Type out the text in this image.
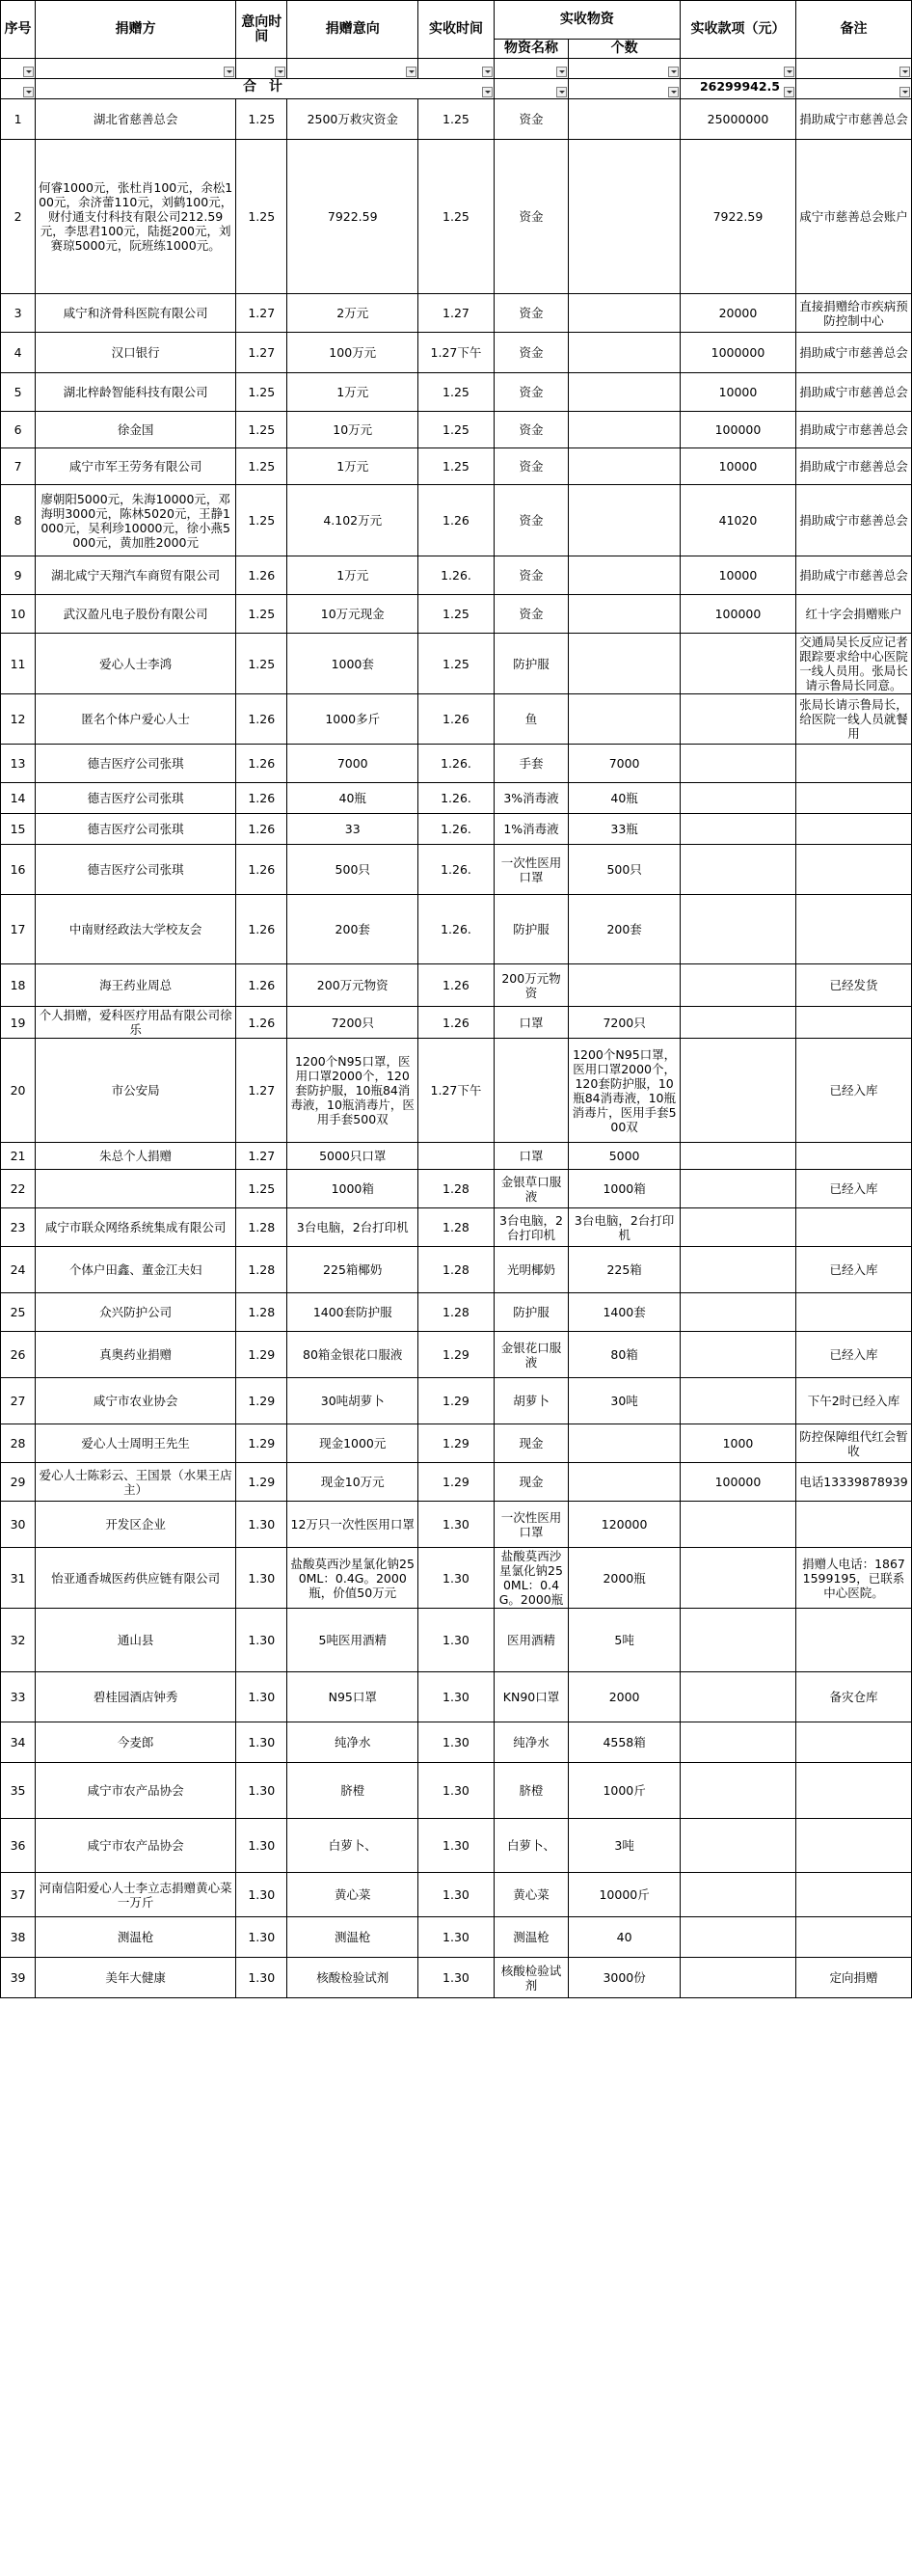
序号	捐赠方	意向时间	捐赠意向	实收时间	实收物资		实收款项（元）	备注
					物资名称	个数		

	合 计						26299942.5	

1	湖北省慈善总会	1.25	2500万救灾资金	1.25	资金		25000000	捐助咸宁市慈善总会
2	何睿1000元，张杜肖100元，余松100元，余济蕾110元，刘鹤100元，财付通支付科技有限公司212.59元，李思君100元，陆挺200元，刘赛琼5000元，阮班练1000元。	1.25	7922.59	1.25	资金		7922.59	咸宁市慈善总会账户
3	咸宁和济骨科医院有限公司	1.27	2万元	1.27	资金		20000	直接捐赠给市疾病预防控制中心
4	汉口银行	1.27	100万元	1.27下午	资金		1000000	捐助咸宁市慈善总会
5	湖北梓龄智能科技有限公司	1.25	1万元	1.25	资金		10000	捐助咸宁市慈善总会
6	徐金国	1.25	10万元	1.25	资金		100000	捐助咸宁市慈善总会
7	咸宁市军王劳务有限公司	1.25	1万元	1.25	资金		10000	捐助咸宁市慈善总会
8	廖朝阳5000元，朱海10000元，邓海明3000元，陈林5020元，王静1000元，吴利珍10000元，徐小燕5000元，黄加胜2000元	1.25	4.102万元	1.26	资金		41020	捐助咸宁市慈善总会
9	湖北咸宁天翔汽车商贸有限公司	1.26	1万元	1.26.	资金		10000	捐助咸宁市慈善总会
10	武汉盈凡电子股份有限公司	1.25	10万元现金	1.25	资金		100000	红十字会捐赠账户
11	爱心人士李鸿	1.25	1000套	1.25	防护服			交通局吴长反应记者跟踪要求给中心医院一线人员用。张局长请示鲁局长同意。
12	匿名个体户爱心人士	1.26	1000多斤	1.26	鱼			张局长请示鲁局长，给医院一线人员就餐用
13	德吉医疗公司张琪	1.26	7000	1.26.	手套	7000		
14	德吉医疗公司张琪	1.26	40瓶	1.26.	3%消毒液	40瓶		
15	德吉医疗公司张琪	1.26	33	1.26.	1%消毒液	33瓶		
16	德吉医疗公司张琪	1.26	500只	1.26.	一次性医用口罩	500只		
17	中南财经政法大学校友会	1.26	200套	1.26.	防护服	200套		
18	海王药业周总	1.26	200万元物资	1.26	200万元物资			已经发货
19	个人捐赠，爱科医疗用品有限公司徐乐	1.26	7200只	1.26	口罩	7200只		
20	市公安局	1.27	1200个N95口罩，医用口罩2000个，120套防护服，10瓶84消毒液，10瓶消毒片，医用手套500双	1.27下午		1200个N95口罩，医用口罩2000个，120套防护服，10瓶84消毒液，10瓶消毒片，医用手套500双		已经入库
21	朱总个人捐赠	1.27	5000只口罩		口罩	5000		
22		1.25	1000箱	1.28	金银草口服液	1000箱		已经入库
23	咸宁市联众网络系统集成有限公司	1.28	3台电脑，2台打印机	1.28	3台电脑，2台打印机	3台电脑，2台打印机		
24	个体户田鑫、董金江夫妇	1.28	225箱椰奶	1.28	光明椰奶	225箱		已经入库
25	众兴防护公司	1.28	1400套防护服	1.28	防护服	1400套		
26	真奥药业捐赠	1.29	80箱金银花口服液	1.29	金银花口服液	80箱		已经入库
27	咸宁市农业协会	1.29	30吨胡萝卜	1.29	胡萝卜	30吨		下午2时已经入库
28	爱心人士周明王先生	1.29	现金1000元	1.29	现金		1000	防控保障组代红会暂收
29	爱心人士陈彩云、王国景（水果王店主）	1.29	现金10万元	1.29	现金		100000	电话13339878939
30	开发区企业	1.30	12万只一次性医用口罩	1.30	一次性医用口罩	120000		
31	怡亚通香城医药供应链有限公司	1.30	盐酸莫西沙星氯化钠250ML：0.4G。2000瓶，价值50万元	1.30	盐酸莫西沙星氯化钠250ML：0.4G。2000瓶	2000瓶		捐赠人电话：18671599195，已联系中心医院。
32	通山县	1.30	5吨医用酒精	1.30	医用酒精	5吨		
33	碧桂园酒店钟秀	1.30	N95口罩	1.30	KN90口罩	2000		备灾仓库
34	今麦郎	1.30	纯净水	1.30	纯净水	4558箱		
35	咸宁市农产品协会	1.30	脐橙	1.30	脐橙	1000斤		
36	咸宁市农产品协会	1.30	白萝卜、	1.30	白萝卜、	3吨		
37	河南信阳爱心人士李立志捐赠黄心菜一万斤	1.30	黄心菜	1.30	黄心菜	10000斤		
38	测温枪	1.30	测温枪	1.30	测温枪	40		
39	美年大健康	1.30	核酸检验试剂	1.30	核酸检验试剂	3000份		定向捐赠
